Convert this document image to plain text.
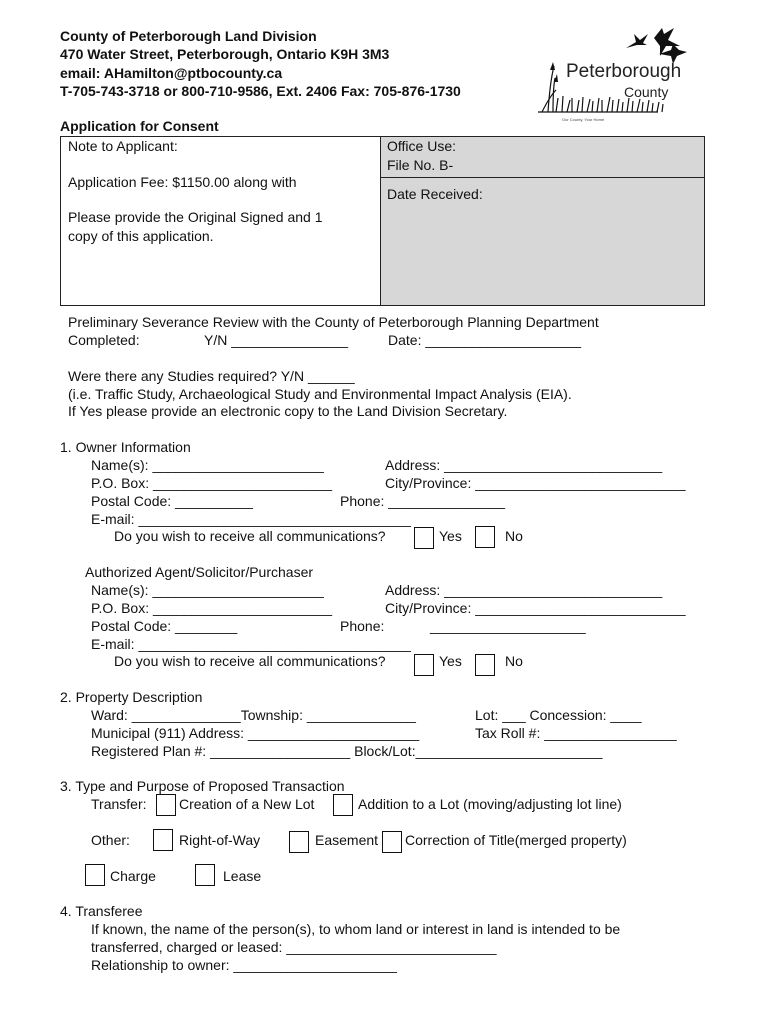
County of Peterborough Land Division
470 Water Street, Peterborough, Ontario K9H 3M3
email: AHamilton@ptbocounty.ca
T-705-743-3718 or 800-710-9586, Ext. 2406 Fax: 705-876-1730
Peterborough
County
Our County, Your Home
Application for Consent
Note to Applicant:
Application Fee: $1150.00 along with
Please provide the Original Signed and 1
copy of this application.
Office Use:
File No. B-
Date Received:
Preliminary Severance Review with the County of Peterborough Planning Department
Completed:	Y/N _______________	Date: ____________________
Were there any Studies required? Y/N ______
(i.e. Traffic Study, Archaeological Study and Environmental Impact Analysis (EIA).
If Yes please provide an electronic copy to the Land Division Secretary.
1. Owner Information
Name(s): ______________________	Address: ____________________________
P.O. Box: _______________________	City/Province: ___________________________
Postal Code: __________	Phone: _______________
E-mail: ___________________________________
Do you wish to receive all communications?	Yes	No
Authorized Agent/Solicitor/Purchaser
Name(s): ______________________	Address: ____________________________
P.O. Box: _______________________	City/Province: ___________________________
Postal Code: ________	Phone:	____________________
E-mail: ___________________________________
Do you wish to receive all communications?	Yes	No
2. Property Description
Ward: ______________Township: ______________	Lot: ___ Concession: ____
Municipal (911) Address: ______________________	Tax Roll #: _________________
Registered Plan #: __________________ Block/Lot:________________________
3. Type and Purpose of Proposed Transaction
Transfer: Creation of a New Lot	Addition to a Lot (moving/adjusting lot line)
Other:	Right-of-Way	Easement Correction of Title(merged property)
Charge	Lease
4. Transferee
If known, the name of the person(s), to whom land or interest in land is intended to be
transferred, charged or leased: ___________________________
Relationship to owner: _____________________
